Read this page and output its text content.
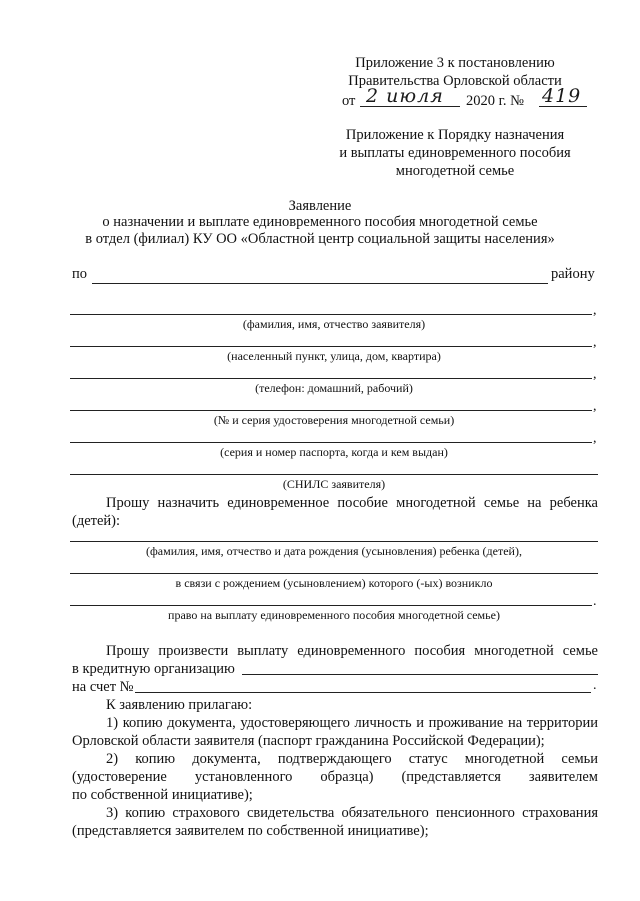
Приложение 3 к постановлению
Правительства Орловской области
от 2 июля 2020 г. № 419
Приложение к Порядку назначения
и выплаты единовременного пособия
многодетной семье
Заявление
о назначении и выплате единовременного пособия многодетной семье
в отдел (филиал) КУ ОО «Областной центр социальной защиты населения»
по	району
,
(фамилия, имя, отчество заявителя)
,
(населенный пункт, улица, дом, квартира)
,
(телефон: домашний, рабочий)
,
(№ и серия удостоверения многодетной семьи)
,
(серия и номер паспорта, когда и кем выдан)
(СНИЛС заявителя)
Прошу назначить единовременное пособие многодетной семье на ребенка
(детей):
(фамилия, имя, отчество и дата рождения (усыновления) ребенка (детей),
в связи с рождением (усыновлением) которого (-ых) возникло
.
право на выплату единовременного пособия многодетной семье)
Прошу произвести выплату единовременного пособия многодетной семье
в кредитную организацию
на счет №	.
К заявлению прилагаю:
1) копию документа, удостоверяющего личность и проживание на территории
Орловской области заявителя (паспорт гражданина Российской Федерации);
2) копию документа, подтверждающего статус многодетной семьи
(удостоверение установленного образца) (представляется заявителем
по собственной инициативе);
3) копию страхового свидетельства обязательного пенсионного страхования
(представляется заявителем по собственной инициативе);
